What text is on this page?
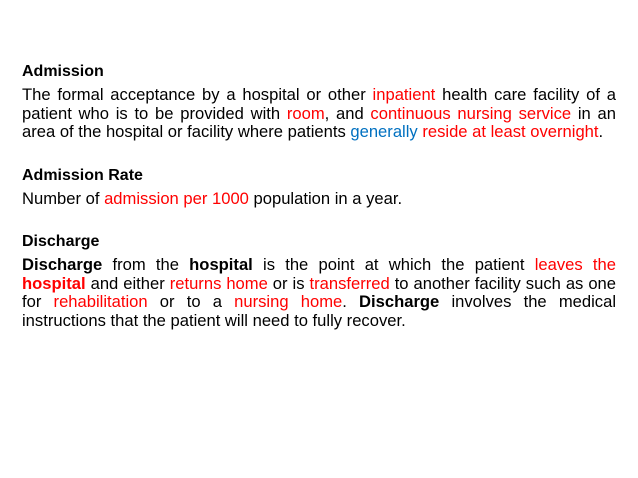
Admission

The formal acceptance by a hospital or other inpatient health care facility of a patient who is to be provided with room, and continuous nursing service in an area of the hospital or facility where patients generally reside at least overnight.

Admission Rate

Number of admission per 1000 population in a year.

Discharge

Discharge from the hospital is the point at which the patient leaves the hospital and either returns home or is transferred to another facility such as one for rehabilitation or to a nursing home. Discharge involves the medical instructions that the patient will need to fully recover.
